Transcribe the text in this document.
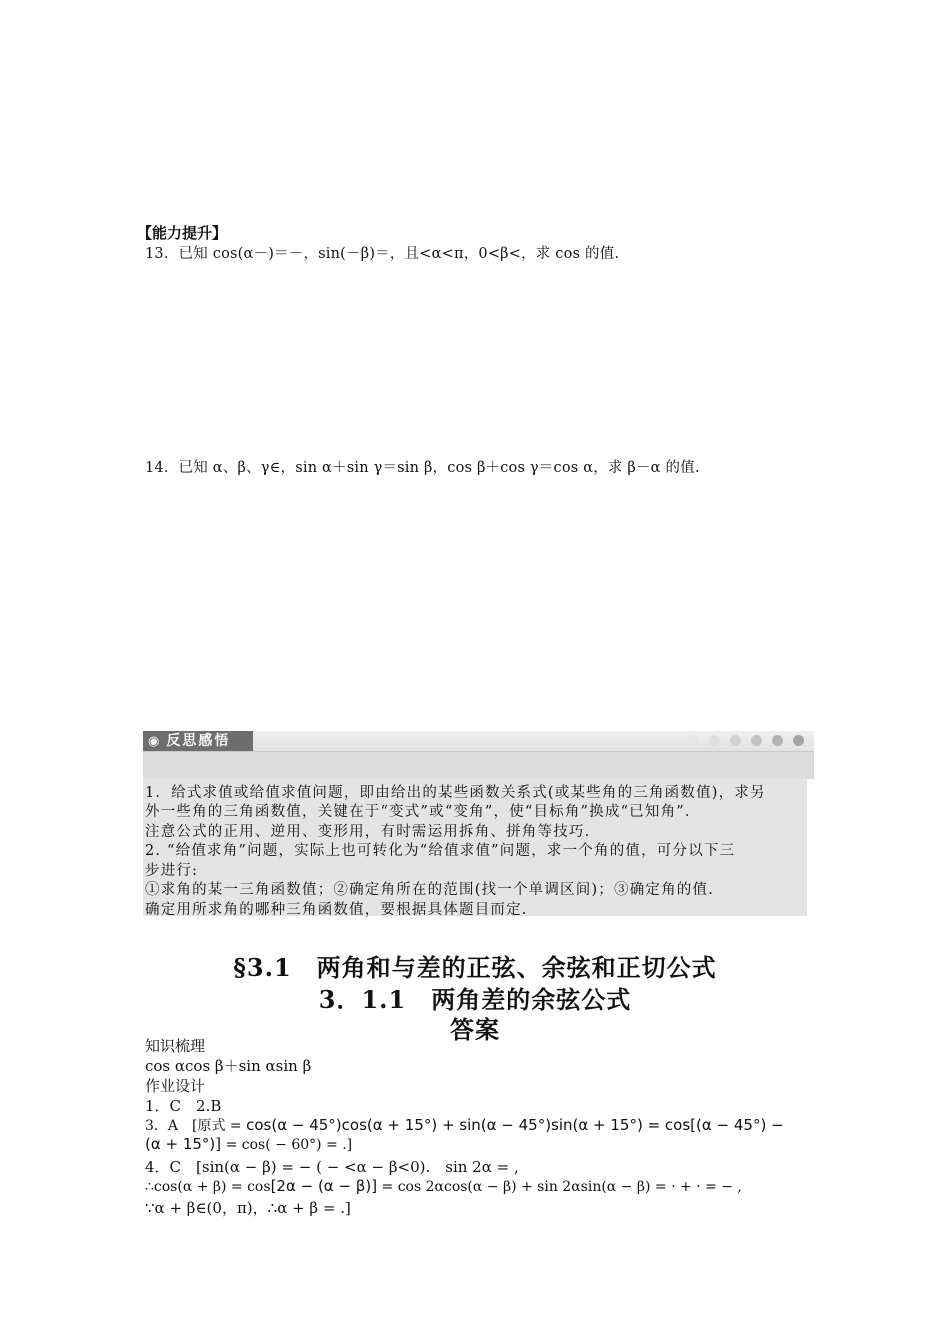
【能力提升】
13．已知 cos(α－)＝－，sin(－β)＝，且<α<π，0<β<，求 cos 的值.
14．已知 α、β、γ∈，sin α＋sin γ＝sin β，cos β＋cos γ＝cos α，求 β－α 的值.
◉ 反思感悟
1．给式求值或给值求值问题，即由给出的某些函数关系式(或某些角的三角函数值)，求另
外一些角的三角函数值，关键在于“变式”或“变角”，使“目标角”换成“已知角”．
注意公式的正用、逆用、变形用，有时需运用拆角、拼角等技巧.
2. “给值求角”问题，实际上也可转化为“给值求值”问题，求一个角的值，可分以下三
步进行:
①求角的某一三角函数值；②确定角所在的范围(找一个单调区间)；③确定角的值.
确定用所求角的哪种三角函数值，要根据具体题目而定.
§3.1　两角和与差的正弦、余弦和正切公式
3．1.1　两角差的余弦公式
答案
知识梳理
cos αcos β＋sin αsin β
作业设计
1．C　2.B
3．A　[原式 = cos(α − 45°)cos(α + 15°) + sin(α − 45°)sin(α + 15°) = cos[(α − 45°) −
(α + 15°)] = cos( − 60°) = .]
4．C　[sin(α − β) = − ( − <α − β<0).　sin 2α = ,
∴cos(α + β) = cos[2α − (α − β)] = cos 2αcos(α − β) + sin 2αsin(α − β) = · + · = − ,
∵α + β∈(0，π)，∴α + β = .]
